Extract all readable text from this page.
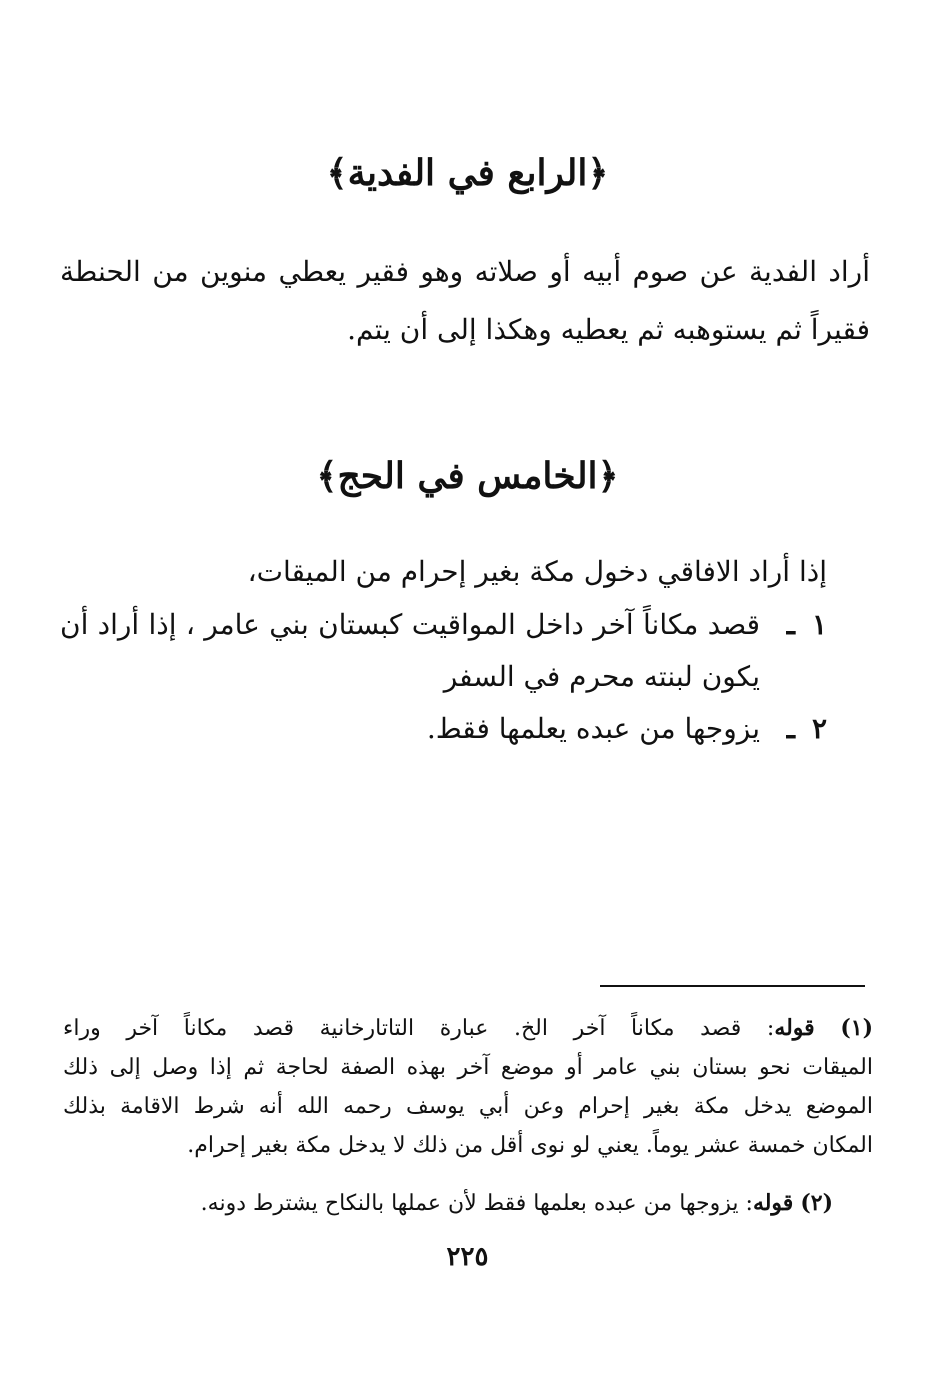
﴿الرابع في الفدية﴾
أراد الفدية عن صوم أبيه أو صلاته وهو فقير يعطي منوين من الحنطة
فقيراً ثم يستوهبه ثم يعطيه وهكذا إلى أن يتم.
﴿الخامس في الحج﴾
إذا أراد الافاقي دخول مكة بغير إحرام من الميقات،
١
ـ
قصد مكاناً آخر داخل المواقيت كبستان بني عامر ، إذا أراد أن
يكون لبنته محرم في السفر
٢
ـ
يزوجها من عبده يعلمها فقط.
(١) قوله: قصد مكاناً آخر الخ. عبارة التاتارخانية قصد مكاناً آخر وراء
الميقات نحو بستان بني عامر أو موضع آخر بهذه الصفة لحاجة ثم إذا وصل إلى ذلك
الموضع يدخل مكة بغير إحرام وعن أبي يوسف رحمه الله أنه شرط الاقامة بذلك
المكان خمسة عشر يوماً. يعني لو نوى أقل من ذلك لا يدخل مكة بغير إحرام.
(٢) قوله: يزوجها من عبده بعلمها فقط لأن عملها بالنكاح يشترط دونه.
٢٢٥
